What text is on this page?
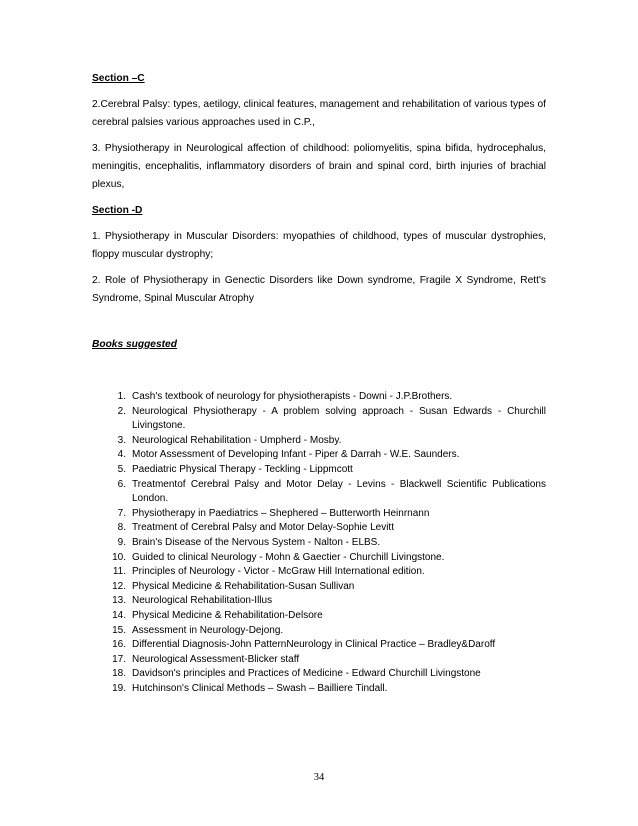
Section –C

2.Cerebral Palsy: types, aetilogy, clinical features, management and rehabilitation of various types of cerebral palsies various approaches used in C.P.,

3. Physiotherapy in Neurological affection of childhood: poliomyelitis, spina bifida, hydrocephalus, meningitis, encephalitis, inflammatory disorders of brain and spinal cord, birth injuries of brachial plexus,

Section -D

1. Physiotherapy in Muscular Disorders: myopathies of childhood, types of muscular dystrophies, floppy muscular dystrophy;

2. Role of Physiotherapy in Genectic Disorders like Down syndrome, Fragile X Syndrome, Rett's Syndrome, Spinal Muscular Atrophy

Books suggested

1. Cash's textbook of neurology for physiotherapists - Downi - J.P.Brothers.
2. Neurological Physiotherapy - A problem solving approach - Susan Edwards - Churchill Livingstone.
3. Neurological Rehabilitation - Umpherd - Mosby.
4. Motor Assessment of Developing Infant - Piper & Darrah - W.E. Saunders.
5. Paediatric Physical Therapy - Teckling - Lippmcott
6. Treatmentof Cerebral Palsy and Motor Delay - Levins - Blackwell Scientific Publications London.
7. Physiotherapy in Paediatrics – Shephered – Butterworth Heinrnann
8. Treatment of Cerebral Palsy and Motor Delay-Sophie Levitt
9. Brain's Disease of the Nervous System - Nalton - ELBS.
10. Guided to clinical Neurology - Mohn & Gaectier - Churchill Livingstone.
11. Principles of Neurology - Victor - McGraw Hill International edition.
12. Physical Medicine & Rehabilitation-Susan Sullivan
13. Neurological Rehabilitation-Illus
14. Physical Medicine & Rehabilitation-Delsore
15. Assessment in Neurology-Dejong.
16. Differential Diagnosis-John PatternNeurology in Clinical Practice – Bradley&Daroff
17. Neurological Assessment-Blicker staff
18. Davidson's principles and Practices of Medicine - Edward Churchill Livingstone
19. Hutchinson's Clinical Methods – Swash – Bailliere Tindall.
34
